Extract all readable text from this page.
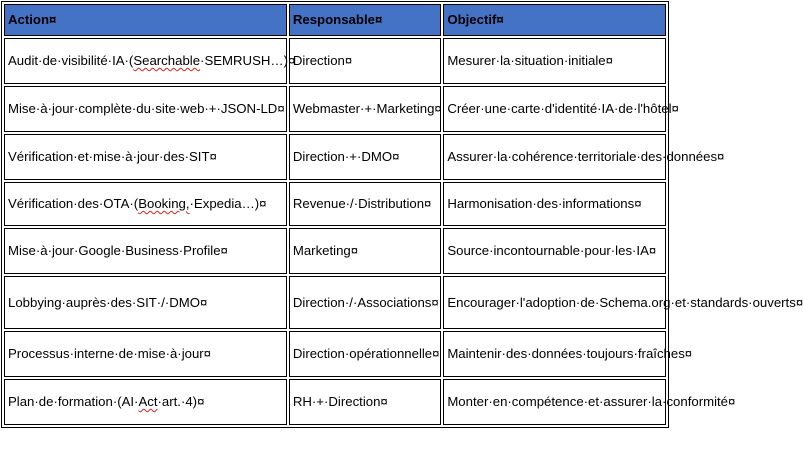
Action¤	Responsable¤	Objectif¤
Audit·de·visibilité·IA·(Searchable·SEMRUSH…)¤	Direction¤	Mesurer·la·situation·initiale¤
Mise·à·jour·complète·du·site·web·+·JSON-LD¤	Webmaster·+·Marketing¤	Créer·une·carte·d'identité·IA·de·l'hôtel¤
Vérification·et·mise·à·jour·des·SIT¤	Direction·+·DMO¤	Assurer·la·cohérence·territoriale·des·données¤
Vérification·des·OTA·(Booking,·Expedia…)¤	Revenue·/·Distribution¤	Harmonisation·des·informations¤
Mise·à·jour·Google·Business·Profile¤	Marketing¤	Source·incontournable·pour·les·IA¤
Lobbying·auprès·des·SIT·/·DMO¤	Direction·/·Associations¤	Encourager·l'adoption·de·Schema.org·et·standards·ouverts¤
Processus·interne·de·mise·à·jour¤	Direction·opérationnelle¤	Maintenir·des·données·toujours·fraîches¤
Plan·de·formation·(AI·Act·art.·4)¤	RH·+·Direction¤	Monter·en·compétence·et·assurer·la·conformité¤
